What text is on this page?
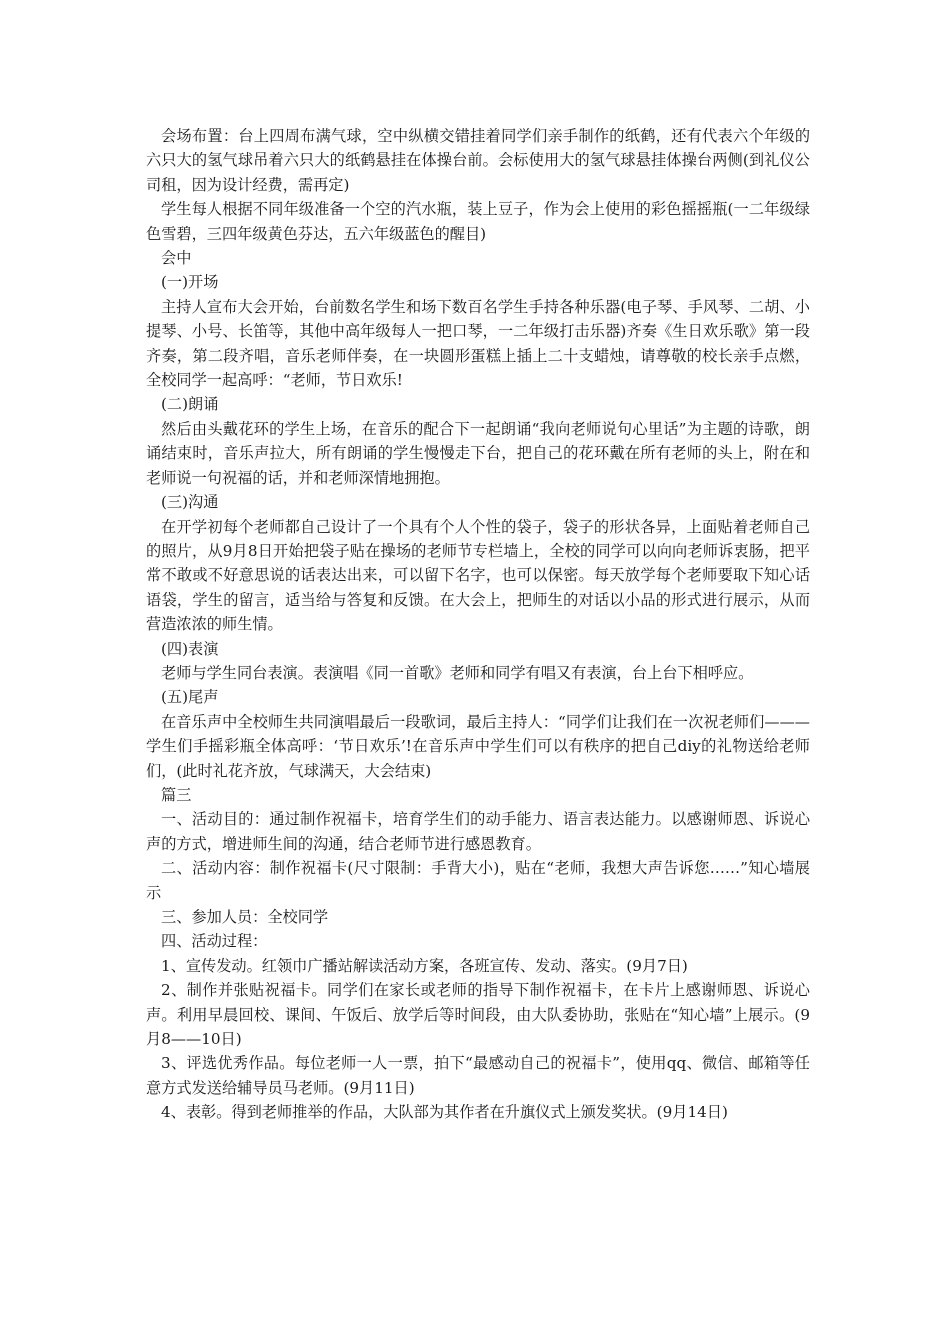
会场布置：台上四周布满气球，空中纵横交错挂着同学们亲手制作的纸鹤，还有代表六个年级的六只大的氢气球吊着六只大的纸鹤悬挂在体操台前。会标使用大的氢气球悬挂体操台两侧(到礼仪公司租，因为设计经费，需再定)

学生每人根据不同年级准备一个空的汽水瓶，装上豆子，作为会上使用的彩色摇摇瓶(一二年级绿色雪碧，三四年级黄色芬达，五六年级蓝色的醒目)

会中

(一)开场

主持人宣布大会开始，台前数名学生和场下数百名学生手持各种乐器(电子琴、手风琴、二胡、小提琴、小号、长笛等，其他中高年级每人一把口琴，一二年级打击乐器)齐奏《生日欢乐歌》第一段齐奏，第二段齐唱，音乐老师伴奏，在一块圆形蛋糕上插上二十支蜡烛，请尊敬的校长亲手点燃，全校同学一起高呼：“老师，节日欢乐!

(二)朗诵

然后由头戴花环的学生上场，在音乐的配合下一起朗诵“我向老师说句心里话”为主题的诗歌，朗诵结束时，音乐声拉大，所有朗诵的学生慢慢走下台，把自己的花环戴在所有老师的头上，附在和老师说一句祝福的话，并和老师深情地拥抱。

(三)沟通

在开学初每个老师都自己设计了一个具有个人个性的袋子，袋子的形状各异，上面贴着老师自己的照片，从9月8日开始把袋子贴在操场的老师节专栏墙上，全校的同学可以向向老师诉衷肠，把平常不敢或不好意思说的话表达出来，可以留下名字，也可以保密。每天放学每个老师要取下知心话语袋，学生的留言，适当给与答复和反馈。在大会上，把师生的对话以小品的形式进行展示，从而营造浓浓的师生情。

(四)表演

老师与学生同台表演。表演唱《同一首歌》老师和同学有唱又有表演，台上台下相呼应。

(五)尾声

在音乐声中全校师生共同演唱最后一段歌词，最后主持人：“同学们让我们在一次祝老师们———学生们手摇彩瓶全体高呼：‘节日欢乐’!在音乐声中学生们可以有秩序的把自己diy的礼物送给老师们，(此时礼花齐放，气球满天，大会结束)

篇三

一、活动目的：通过制作祝福卡，培育学生们的动手能力、语言表达能力。以感谢师恩、诉说心声的方式，增进师生间的沟通，结合老师节进行感恩教育。

二、活动内容：制作祝福卡(尺寸限制：手背大小)，贴在“老师，我想大声告诉您……”知心墙展示

三、参加人员：全校同学

四、活动过程：

1、宣传发动。红领巾广播站解读活动方案，各班宣传、发动、落实。(9月7日)

2、制作并张贴祝福卡。同学们在家长或老师的指导下制作祝福卡，在卡片上感谢师恩、诉说心声。利用早晨回校、课间、午饭后、放学后等时间段，由大队委协助，张贴在“知心墙”上展示。(9月8——10日)

3、评选优秀作品。每位老师一人一票，拍下“最感动自己的祝福卡”，使用qq、微信、邮箱等任意方式发送给辅导员马老师。(9月11日)

4、表彰。得到老师推举的作品，大队部为其作者在升旗仪式上颁发奖状。(9月14日)
